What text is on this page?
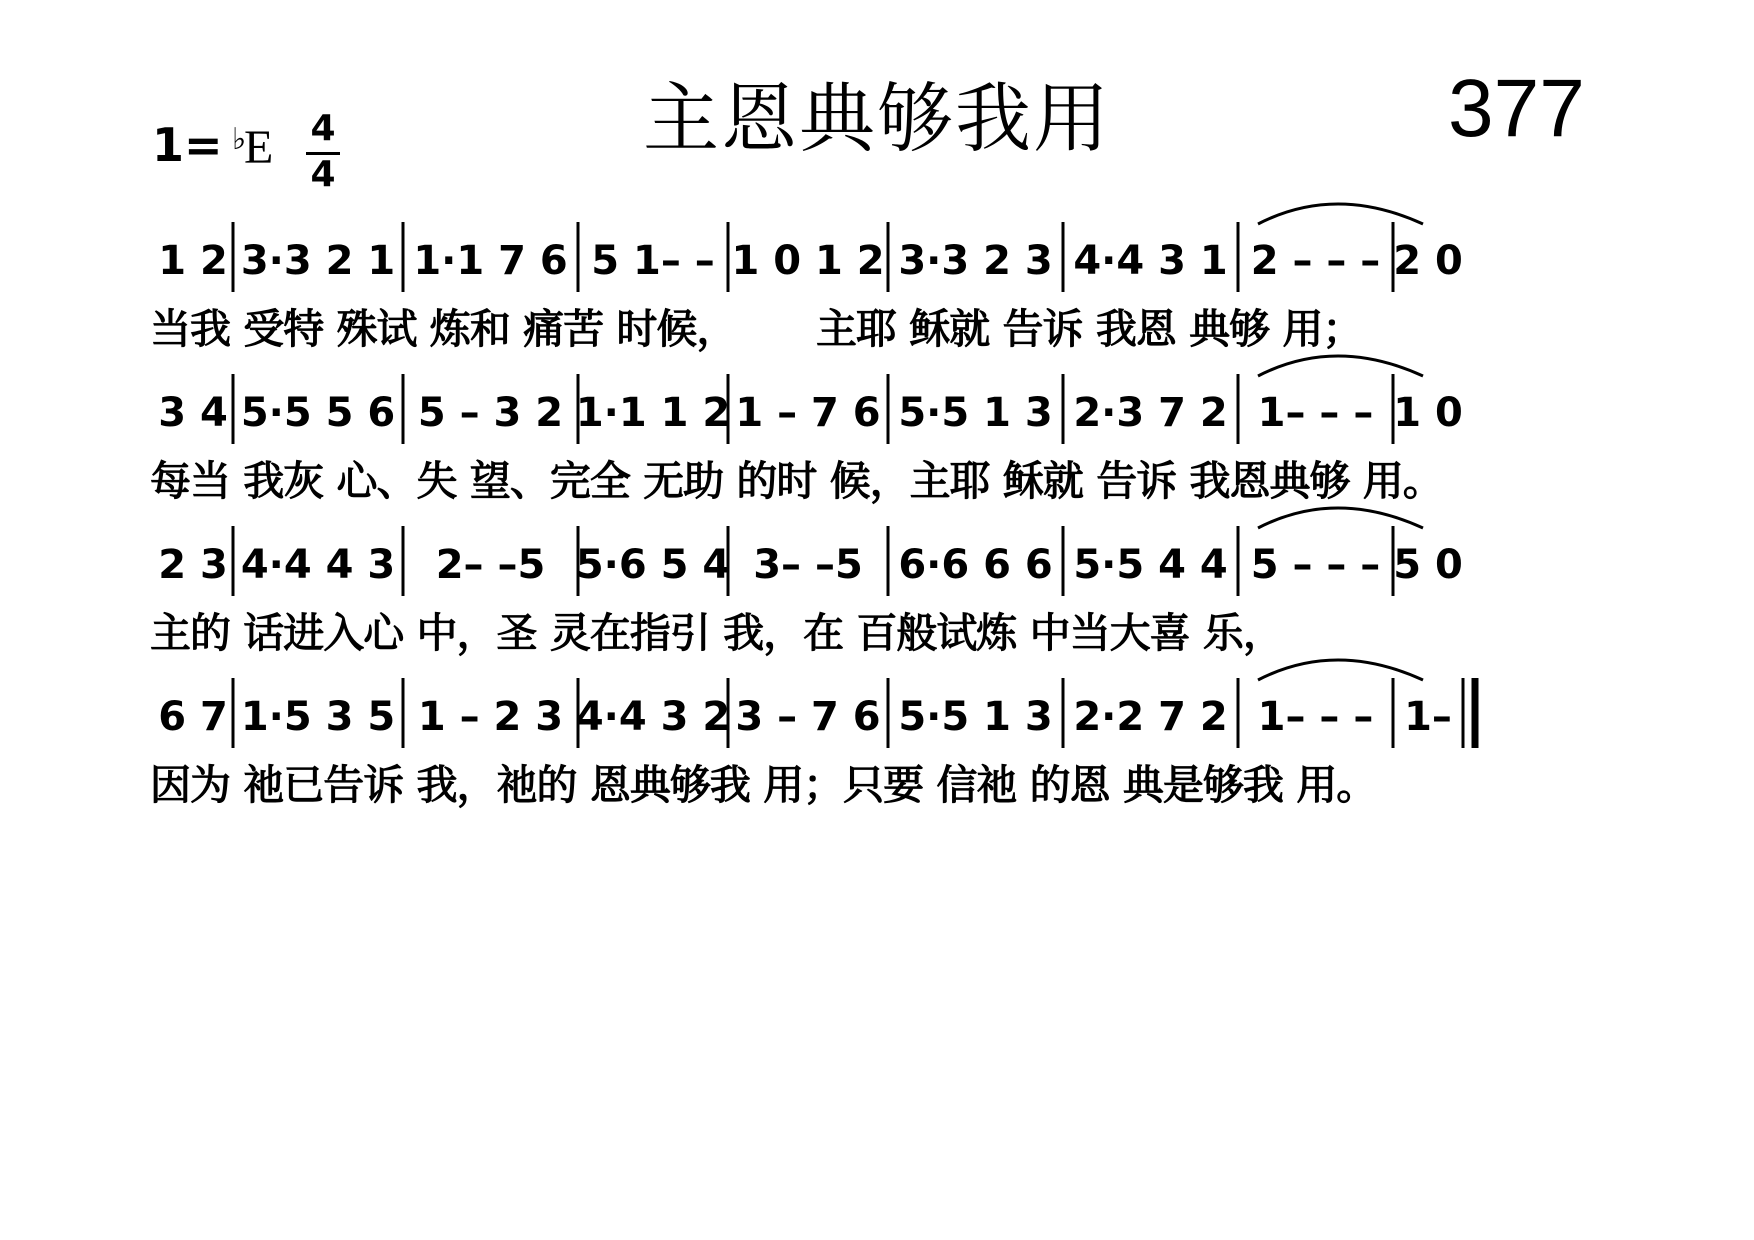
主恩典够我用	377
1= ♭
E 4
4
1 2 3·3 2 1 1·1 7 6 5 1– – 1 0 1 2 3·3 2 3 4·4 3 1 2 – – – 2 0
当我 受特 殊试 炼和 痛苦 时候，      主耶 稣就 告诉 我恩 典够 用；
3 4 5·5 5 6 5 – 3 2 1·1 1 2 1 – 7 6 5·5 1 3 2·3 7 2 1– – – 1 0
每当 我灰 心、失 望、完全 无助 的时 候，主耶 稣就 告诉 我恩典够 用。
2 3 4·4 4 3 2– –5 5·6 5 4 3– –5 6·6 6 6 5·5 4 4 5 – – – 5 0
主的 话进入心 中，圣 灵在指引 我，在 百般试炼 中当大喜 乐，
6 7 1·5 3 5 1 – 2 3 4·4 3 2 3 – 7 6 5·5 1 3 2·2 7 2 1– – – 1–
因为 祂已告诉 我，祂的 恩典够我 用；只要 信祂 的恩 典是够我 用。
